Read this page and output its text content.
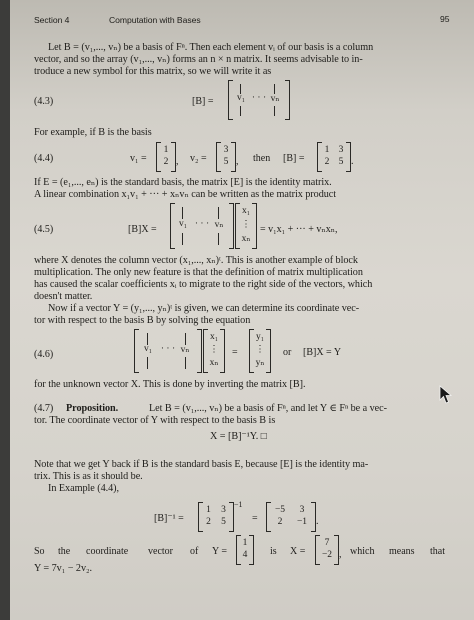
Section 4	Computation with Bases	95
Let B = (v₁,..., vₙ) be a basis of Fⁿ. Then each element vᵢ of our basis is a column
vector, and so the array (v₁,..., vₙ) forms an n × n matrix. It seems advisable to in-
troduce a new symbol for this matrix, so we will write it as
(4.3)	[B] =	v₁ · · · vₙ
For example, if B is the basis
(4.4)	v₁ =
1
2 , v₂ =
3
5 , then [B] =
1 3
2 5 .
If E = (e₁,..., eₙ) is the standard basis, the matrix [E] is the identity matrix.
A linear combination x₁v₁ + ··· + xₙvₙ can be written as the matrix product
(4.5)	[B]X =	v₁ · · · vₙ
x₁
⋮
xₙ
= v₁x₁ + ··· + vₙxₙ,
where X denotes the column vector (x₁,..., xₙ)ᵗ. This is another example of block
multiplication. The only new feature is that the definition of matrix multiplication
has caused the scalar coefficients xᵢ to migrate to the right side of the vectors, which
doesn't matter.
Now if a vector Y = (y₁,..., yₙ)ᵗ is given, we can determine its coordinate vec-
tor with respect to the basis B by solving the equation
(4.6)	v₁ · · · vₙ
x₁
⋮
xₙ
=
y₁
⋮
yₙ
or [B]X = Y
for the unknown vector X. This is done by inverting the matrix [B].
(4.7) Proposition.	Let B = (v₁,..., vₙ) be a basis of Fⁿ, and let Y ∈ Fⁿ be a vec-
tor. The coordinate vector of Y with respect to the basis B is
X = [B]⁻¹Y. □
Note that we get Y back if B is the standard basis E, because [E] is the identity ma-
trix. This is as it should be.
In Example (4.4),
[B]⁻¹ =
1	3
2	5
−1
=
−5	3
2	−1 .
So the coordinate vector of Y =
1
4	is X =
7
−2 , which means that
Y = 7v₁ − 2v₂.
